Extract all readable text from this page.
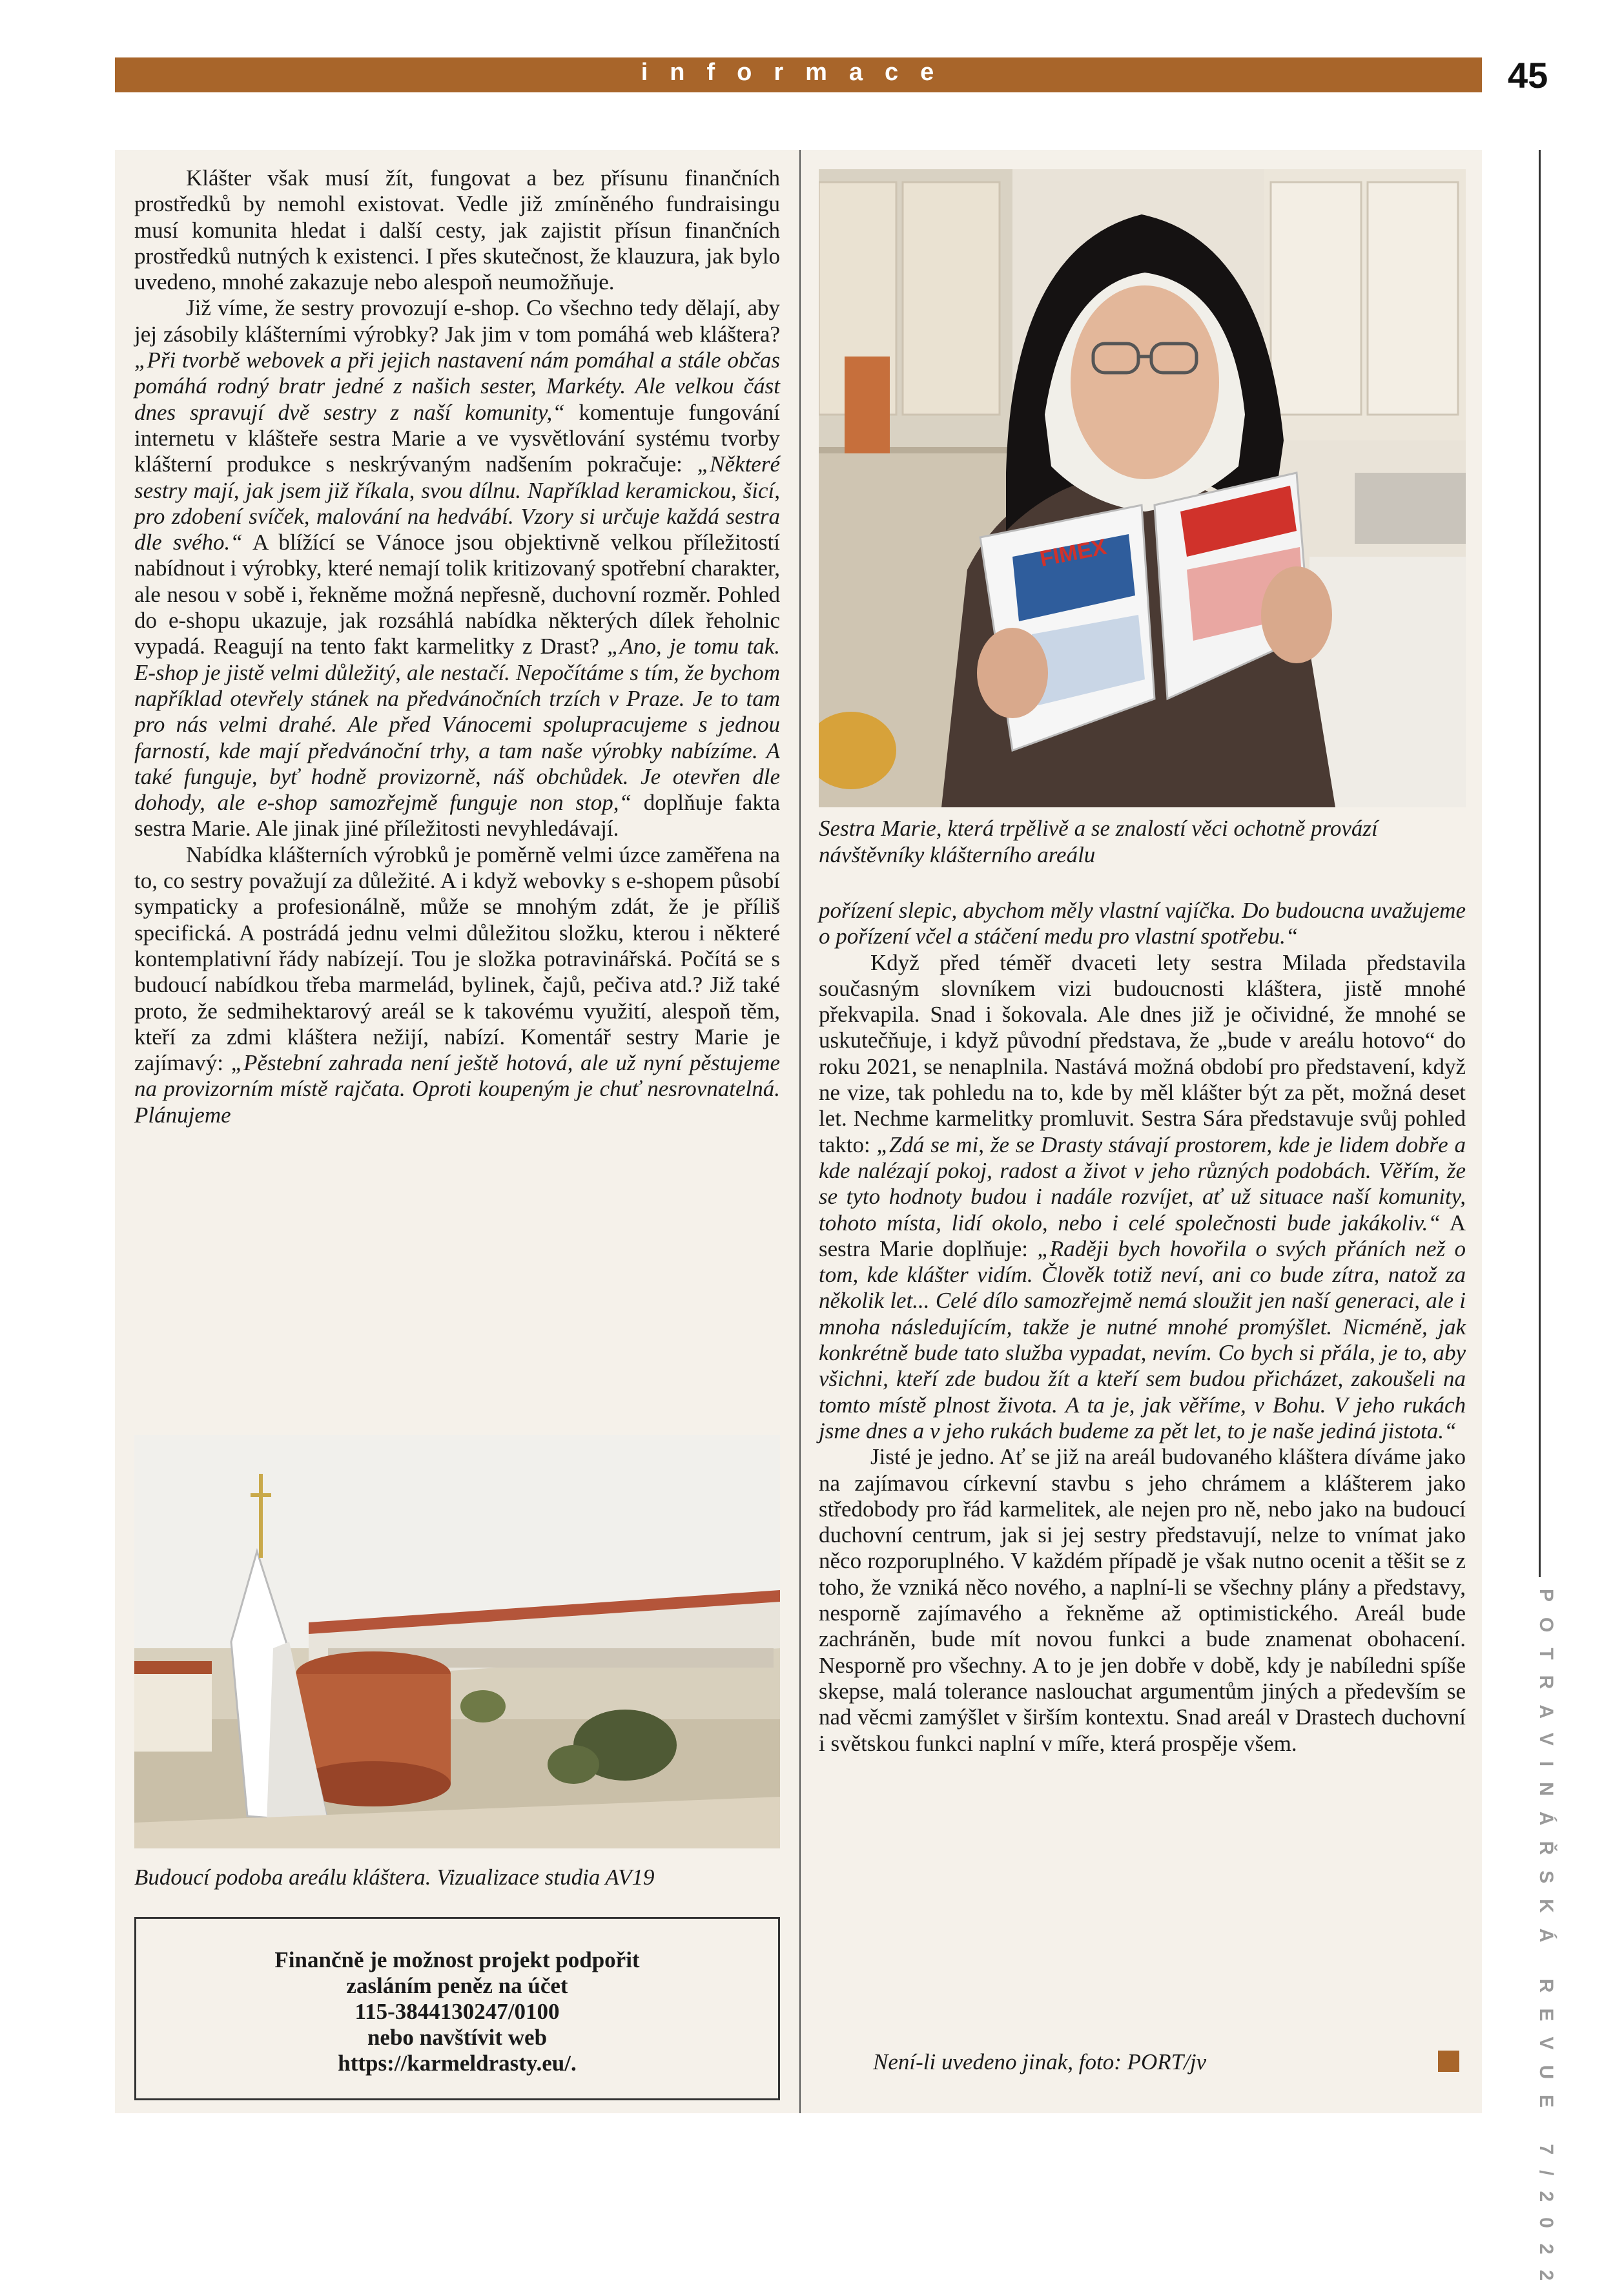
informace	45
POTRAVINÁŘSKÁ REVUE 7/2022

Klášter však musí žít, fungovat a bez přísunu finančních prostředků by nemohl existovat. Vedle již zmíněného fundraisingu musí komunita hledat i další cesty, jak zajistit přísun finančních prostředků nutných k existenci. I přes skutečnost, že klauzura, jak bylo uvedeno, mnohé zakazuje nebo alespoň neumožňuje.

Již víme, že sestry provozují e-shop. Co všechno tedy dělají, aby jej zásobily klášterními výrobky? Jak jim v tom pomáhá web kláštera? „Při tvorbě webovek a při jejich nastavení nám pomáhal a stále občas pomáhá rodný bratr jedné z našich sester, Markéty. Ale velkou část dnes spravují dvě sestry z naší komunity,“ komentuje fungování internetu v klášteře sestra Marie a ve vysvětlování systému tvorby klášterní produkce s neskrývaným nadšením pokračuje: „Některé sestry mají, jak jsem již říkala, svou dílnu. Například keramickou, šicí, pro zdobení svíček, malování na hedvábí. Vzory si určuje každá sestra dle svého.“ A blížící se Vánoce jsou objektivně velkou příležitostí nabídnout i výrobky, které nemají tolik kritizovaný spotřební charakter, ale nesou v sobě i, řekněme možná nepřesně, duchovní rozměr. Pohled do e-shopu ukazuje, jak rozsáhlá nabídka některých dílek řeholnic vypadá. Reagují na tento fakt karmelitky z Drast? „Ano, je tomu tak. E-shop je jistě velmi důležitý, ale nestačí. Nepočítáme s tím, že bychom například otevřely stánek na předvánočních trzích v Praze. Je to tam pro nás velmi drahé. Ale před Vánocemi spolupracujeme s jednou farností, kde mají předvánoční trhy, a tam naše výrobky nabízíme. A také funguje, byť hodně provizorně, náš obchůdek. Je otevřen dle dohody, ale e-shop samozřejmě funguje non stop,“ doplňuje fakta sestra Marie. Ale jinak jiné příležitosti nevyhledávají.

Nabídka klášterních výrobků je poměrně velmi úzce zaměřena na to, co sestry považují za důležité. A i když webovky s e-shopem působí sympaticky a profesionálně, může se mnohým zdát, že je příliš specifická. A postrádá jednu velmi důležitou složku, kterou i některé kontemplativní řády nabízejí. Tou je složka potravinářská. Počítá se s budoucí nabídkou třeba marmelád, bylinek, čajů, pečiva atd.? Již také proto, že sedmihektarový areál se k takovému využití, alespoň těm, kteří za zdmi kláštera nežijí, nabízí. Komentář sestry Marie je zajímavý: „Pěstební zahrada není ještě hotová, ale už nyní pěstujeme na provizorním místě rajčata. Oproti koupeným je chuť nesrovnatelná. Plánujeme

FIMEX
Sestra Marie, která trpělivě a se znalostí věci ochotně provází návštěvníky klášterního areálu

pořízení slepic, abychom měly vlastní vajíčka. Do budoucna uvažujeme o pořízení včel a stáčení medu pro vlastní spotřebu.“

Když před téměř dvaceti lety sestra Milada představila současným slovníkem vizi budoucnosti kláštera, jistě mnohé překvapila. Snad i šokovala. Ale dnes již je očividné, že mnohé se uskutečňuje, i když původní představa, že „bude v areálu hotovo“ do roku 2021, se nenaplnila. Nastává možná období pro představení, když ne vize, tak pohledu na to, kde by měl klášter být za pět, možná deset let. Nechme karmelitky promluvit. Sestra Sára představuje svůj pohled takto: „Zdá se mi, že se Drasty stávají prostorem, kde je lidem dobře a kde nalézají pokoj, radost a život v jeho různých podobách. Věřím, že se tyto hodnoty budou i nadále rozvíjet, ať už situace naší komunity, tohoto místa, lidí okolo, nebo i celé společnosti bude jakákoliv.“ A sestra Marie doplňuje: „Raději bych hovořila o svých přáních než o tom, kde klášter vidím. Člověk totiž neví, ani co bude zítra, natož za několik let... Celé dílo samozřejmě nemá sloužit jen naší generaci, ale i mnoha následujícím, takže je nutné mnohé promýšlet. Nicméně, jak konkrétně bude tato služba vypadat, nevím. Co bych si přála, je to, aby všichni, kteří zde budou žít a kteří sem budou přicházet, zakoušeli na tomto místě plnost života. A ta je, jak věříme, v Bohu. V jeho rukách jsme dnes a v jeho rukách budeme za pět let, to je naše jediná jistota.“

Jisté je jedno. Ať se již na areál budovaného kláštera díváme jako na zajímavou církevní stavbu s jeho chrámem a klášterem jako středobody pro řád karmelitek, ale nejen pro ně, nebo jako na budoucí duchovní centrum, jak si jej sestry představují, nelze to vnímat jako něco rozporuplného. V každém případě je však nutno ocenit a těšit se z toho, že vzniká něco nového, a naplní-li se všechny plány a představy, nesporně zajímavého a řekněme až optimistického. Areál bude zachráněn, bude mít novou funkci a bude znamenat obohacení. Nesporně pro všechny. A to je jen dobře v době, kdy je nabíledni spíše skepse, malá tolerance naslouchat argumentům jiných a především se nad věcmi zamýšlet v širším kontextu. Snad areál v Drastech duchovní i světskou funkci naplní v míře, která prospěje všem.

Budoucí podoba areálu kláštera. Vizualizace studia AV19
Finančně je možnost projekt podpořit
zasláním peněz na účet
115-3844130247/0100
nebo navštívit web
https://karmeldrasty.eu/.	Není-li uvedeno jinak, foto: PORT/jv
